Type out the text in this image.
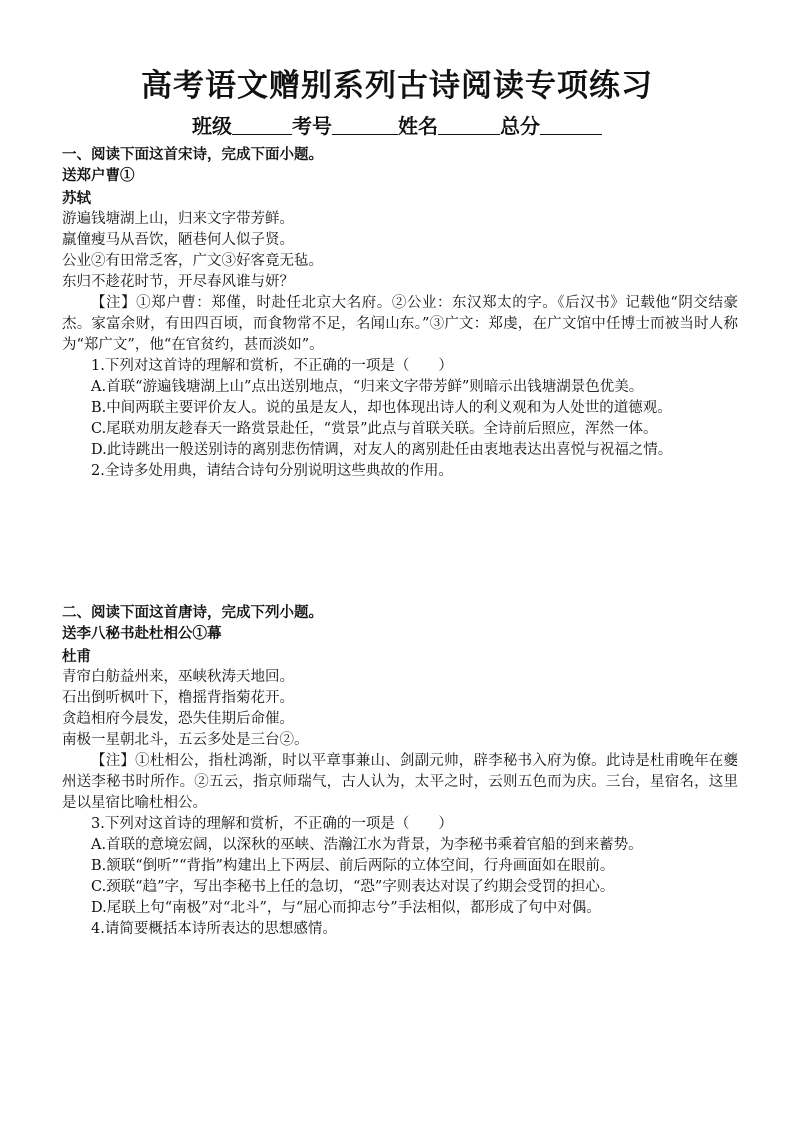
高考语文赠别系列古诗阅读专项练习
班级	考号	姓名	总分
一、阅读下面这首宋诗，完成下面小题。
送郑户曹①
苏轼
游遍钱塘湖上山，归来文字带芳鲜。
羸僮瘦马从吾饮，陋巷何人似子贤。
公业②有田常乏客，广文③好客竟无毡。
东归不趁花时节，开尽春风谁与妍？
【注】①郑户曹：郑僅，时赴任北京大名府。②公业：东汉郑太的字。《后汉书》记载他“阴交结豪杰。家富余财，有田四百顷，而食物常不足，名闻山东。”③广文：郑虔，在广文馆中任博士而被当时人称为“郑广文”，他“在官贫约，甚而淡如”。
1.下列对这首诗的理解和赏析，不正确的一项是（　　）
A.首联“游遍钱塘湖上山”点出送别地点，“归来文字带芳鲜”则暗示出钱塘湖景色优美。
B.中间两联主要评价友人。说的虽是友人，却也体现出诗人的利义观和为人处世的道德观。
C.尾联劝朋友趁春天一路赏景赴任，“赏景”此点与首联关联。全诗前后照应，浑然一体。
D.此诗跳出一般送别诗的离别悲伤情调，对友人的离别赴任由衷地表达出喜悦与祝福之情。
2.全诗多处用典，请结合诗句分别说明这些典故的作用。
二、阅读下面这首唐诗，完成下列小题。
送李八秘书赴杜相公①幕
杜甫
青帘白舫益州来，巫峡秋涛天地回。
石出倒听枫叶下，橹摇背指菊花开。
贪趋相府今晨发，恐失佳期后命催。
南极一星朝北斗，五云多处是三台②。
【注】①杜相公，指杜鸿渐，时以平章事兼山、剑副元帅，辟李秘书入府为僚。此诗是杜甫晚年在夔州送李秘书时所作。②五云，指京师瑞气，古人认为，太平之时，云则五色而为庆。三台，星宿名，这里是以星宿比喻杜相公。
3.下列对这首诗的理解和赏析，不正确的一项是（　　）
A.首联的意境宏阔，以深秋的巫峡、浩瀚江水为背景，为李秘书乘着官船的到来蓄势。
B.颔联“倒听”“背指”构建出上下两层、前后两际的立体空间，行舟画面如在眼前。
C.颈联“趋”字，写出李秘书上任的急切，“恐”字则表达对误了约期会受罚的担心。
D.尾联上句“南极”对“北斗”，与“屈心而抑志兮”手法相似，都形成了句中对偶。
4.请简要概括本诗所表达的思想感情。
